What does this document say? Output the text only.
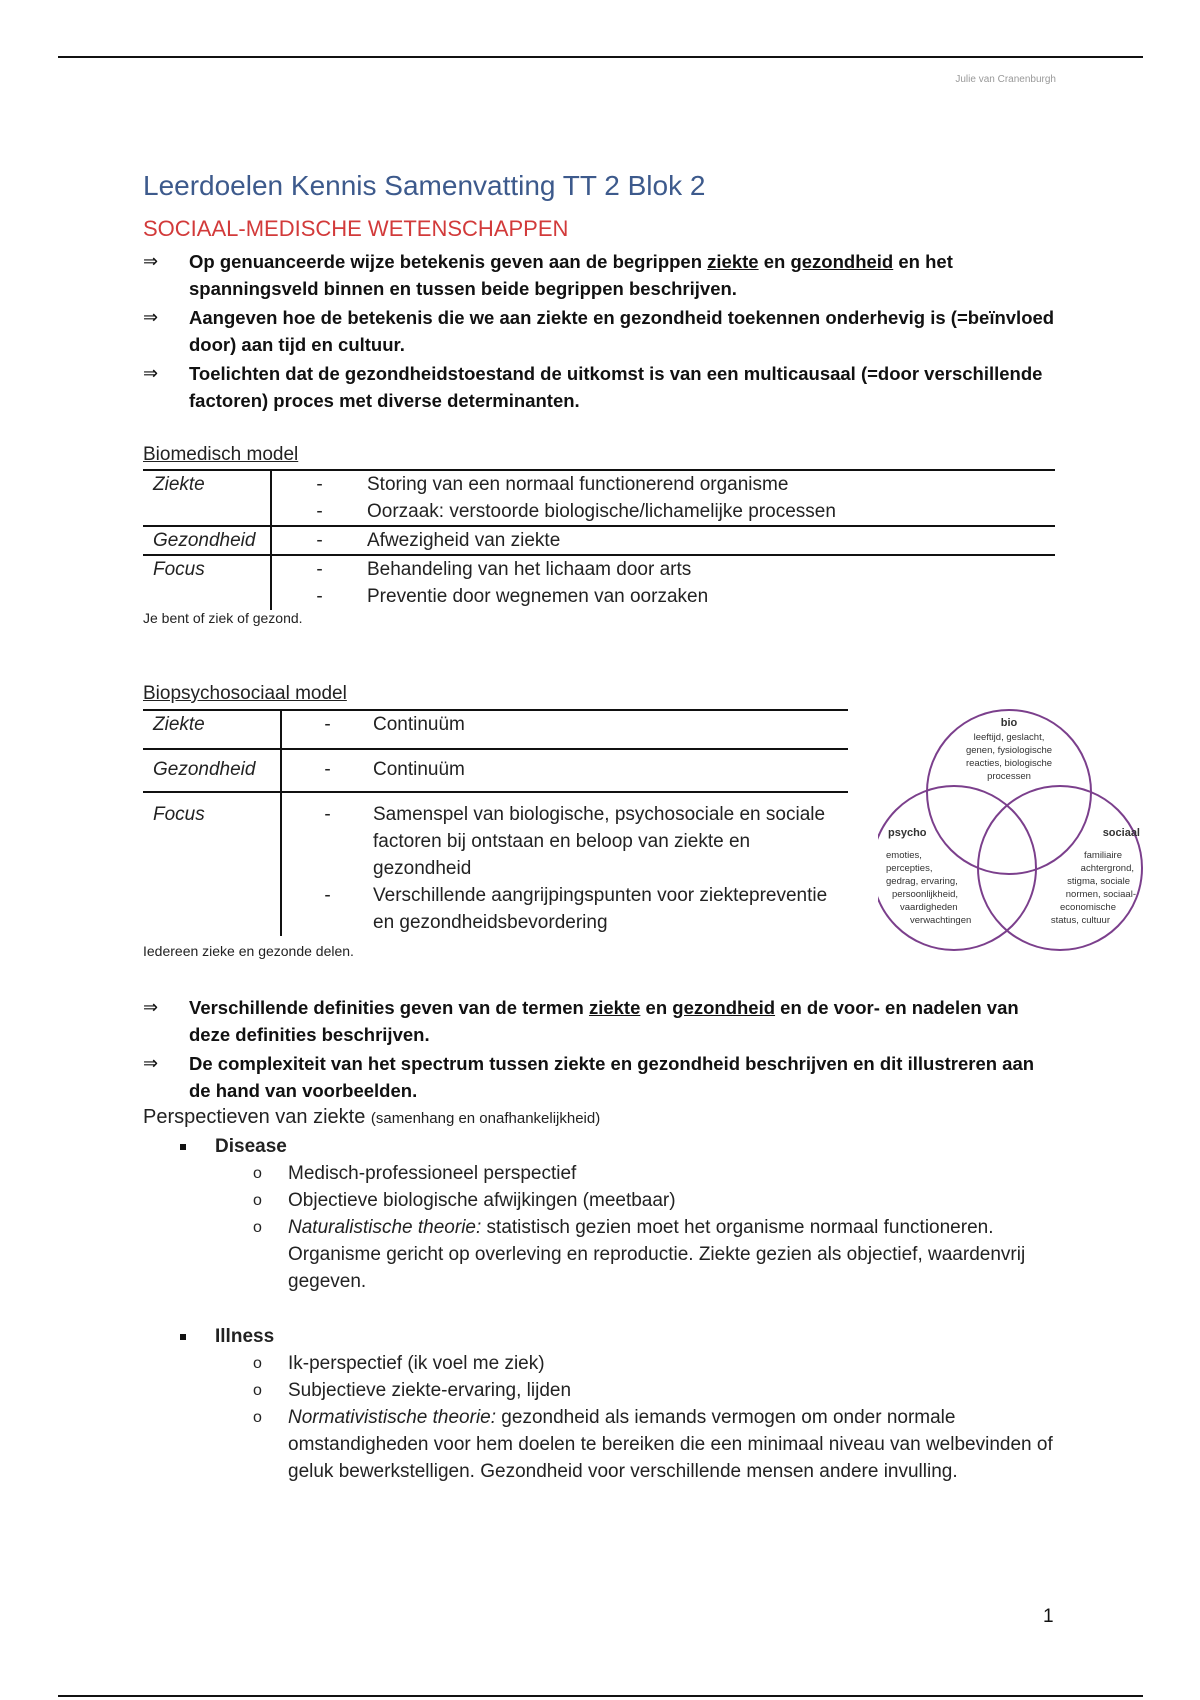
Julie van Cranenburgh
Leerdoelen Kennis Samenvatting TT 2 Blok 2
SOCIAAL-MEDISCHE WETENSCHAPPEN
⇒ Op genuanceerde wijze betekenis geven aan de begrippen ziekte en gezondheid en het spanningsveld binnen en tussen beide begrippen beschrijven.
⇒ Aangeven hoe de betekenis die we aan ziekte en gezondheid toekennen onderhevig is (=beïnvloed door) aan tijd en cultuur.
⇒ Toelichten dat de gezondheidstoestand de uitkomst is van een multicausaal (=door verschillende factoren) proces met diverse determinanten.
Biomedisch model
Ziekte	-	Storing van een normaal functionerend organisme
	-	Oorzaak: verstoorde biologische/lichamelijke processen
Gezondheid	-	Afwezigheid van ziekte
Focus	-	Behandeling van het lichaam door arts
	-	Preventie door wegnemen van oorzaken
Je bent of ziek of gezond.
Biopsychosociaal model
Ziekte	-	Continuüm
Gezondheid	-	Continuüm
Focus	-	Samenspel van biologische, psychosociale en sociale factoren bij ontstaan en beloop van ziekte en gezondheid
	-	Verschillende aangrijpingspunten voor ziektepreventie en gezondheidsbevordering
Iedereen zieke en gezonde delen.
bio
leeftijd, geslacht,
genen, fysiologische
reacties, biologische
processen
psycho
emoties,
percepties,
gedrag, ervaring,
persoonlijkheid,
vaardigheden
verwachtingen
sociaal
familiaire
achtergrond,
stigma, sociale
normen, sociaal-
economische
status, cultuur
⇒ Verschillende definities geven van de termen ziekte en gezondheid en de voor- en nadelen van deze definities beschrijven.
⇒ De complexiteit van het spectrum tussen ziekte en gezondheid beschrijven en dit illustreren aan de hand van voorbeelden.
Perspectieven van ziekte (samenhang en onafhankelijkheid)
Disease
o Medisch-professioneel perspectief
o Objectieve biologische afwijkingen (meetbaar)
o Naturalistische theorie: statistisch gezien moet het organisme normaal functioneren. Organisme gericht op overleving en reproductie. Ziekte gezien als objectief, waardenvrij gegeven.
Illness
o Ik-perspectief (ik voel me ziek)
o Subjectieve ziekte-ervaring, lijden
o Normativistische theorie: gezondheid als iemands vermogen om onder normale omstandigheden voor hem doelen te bereiken die een minimaal niveau van welbevinden of geluk bewerkstelligen. Gezondheid voor verschillende mensen andere invulling.
1
